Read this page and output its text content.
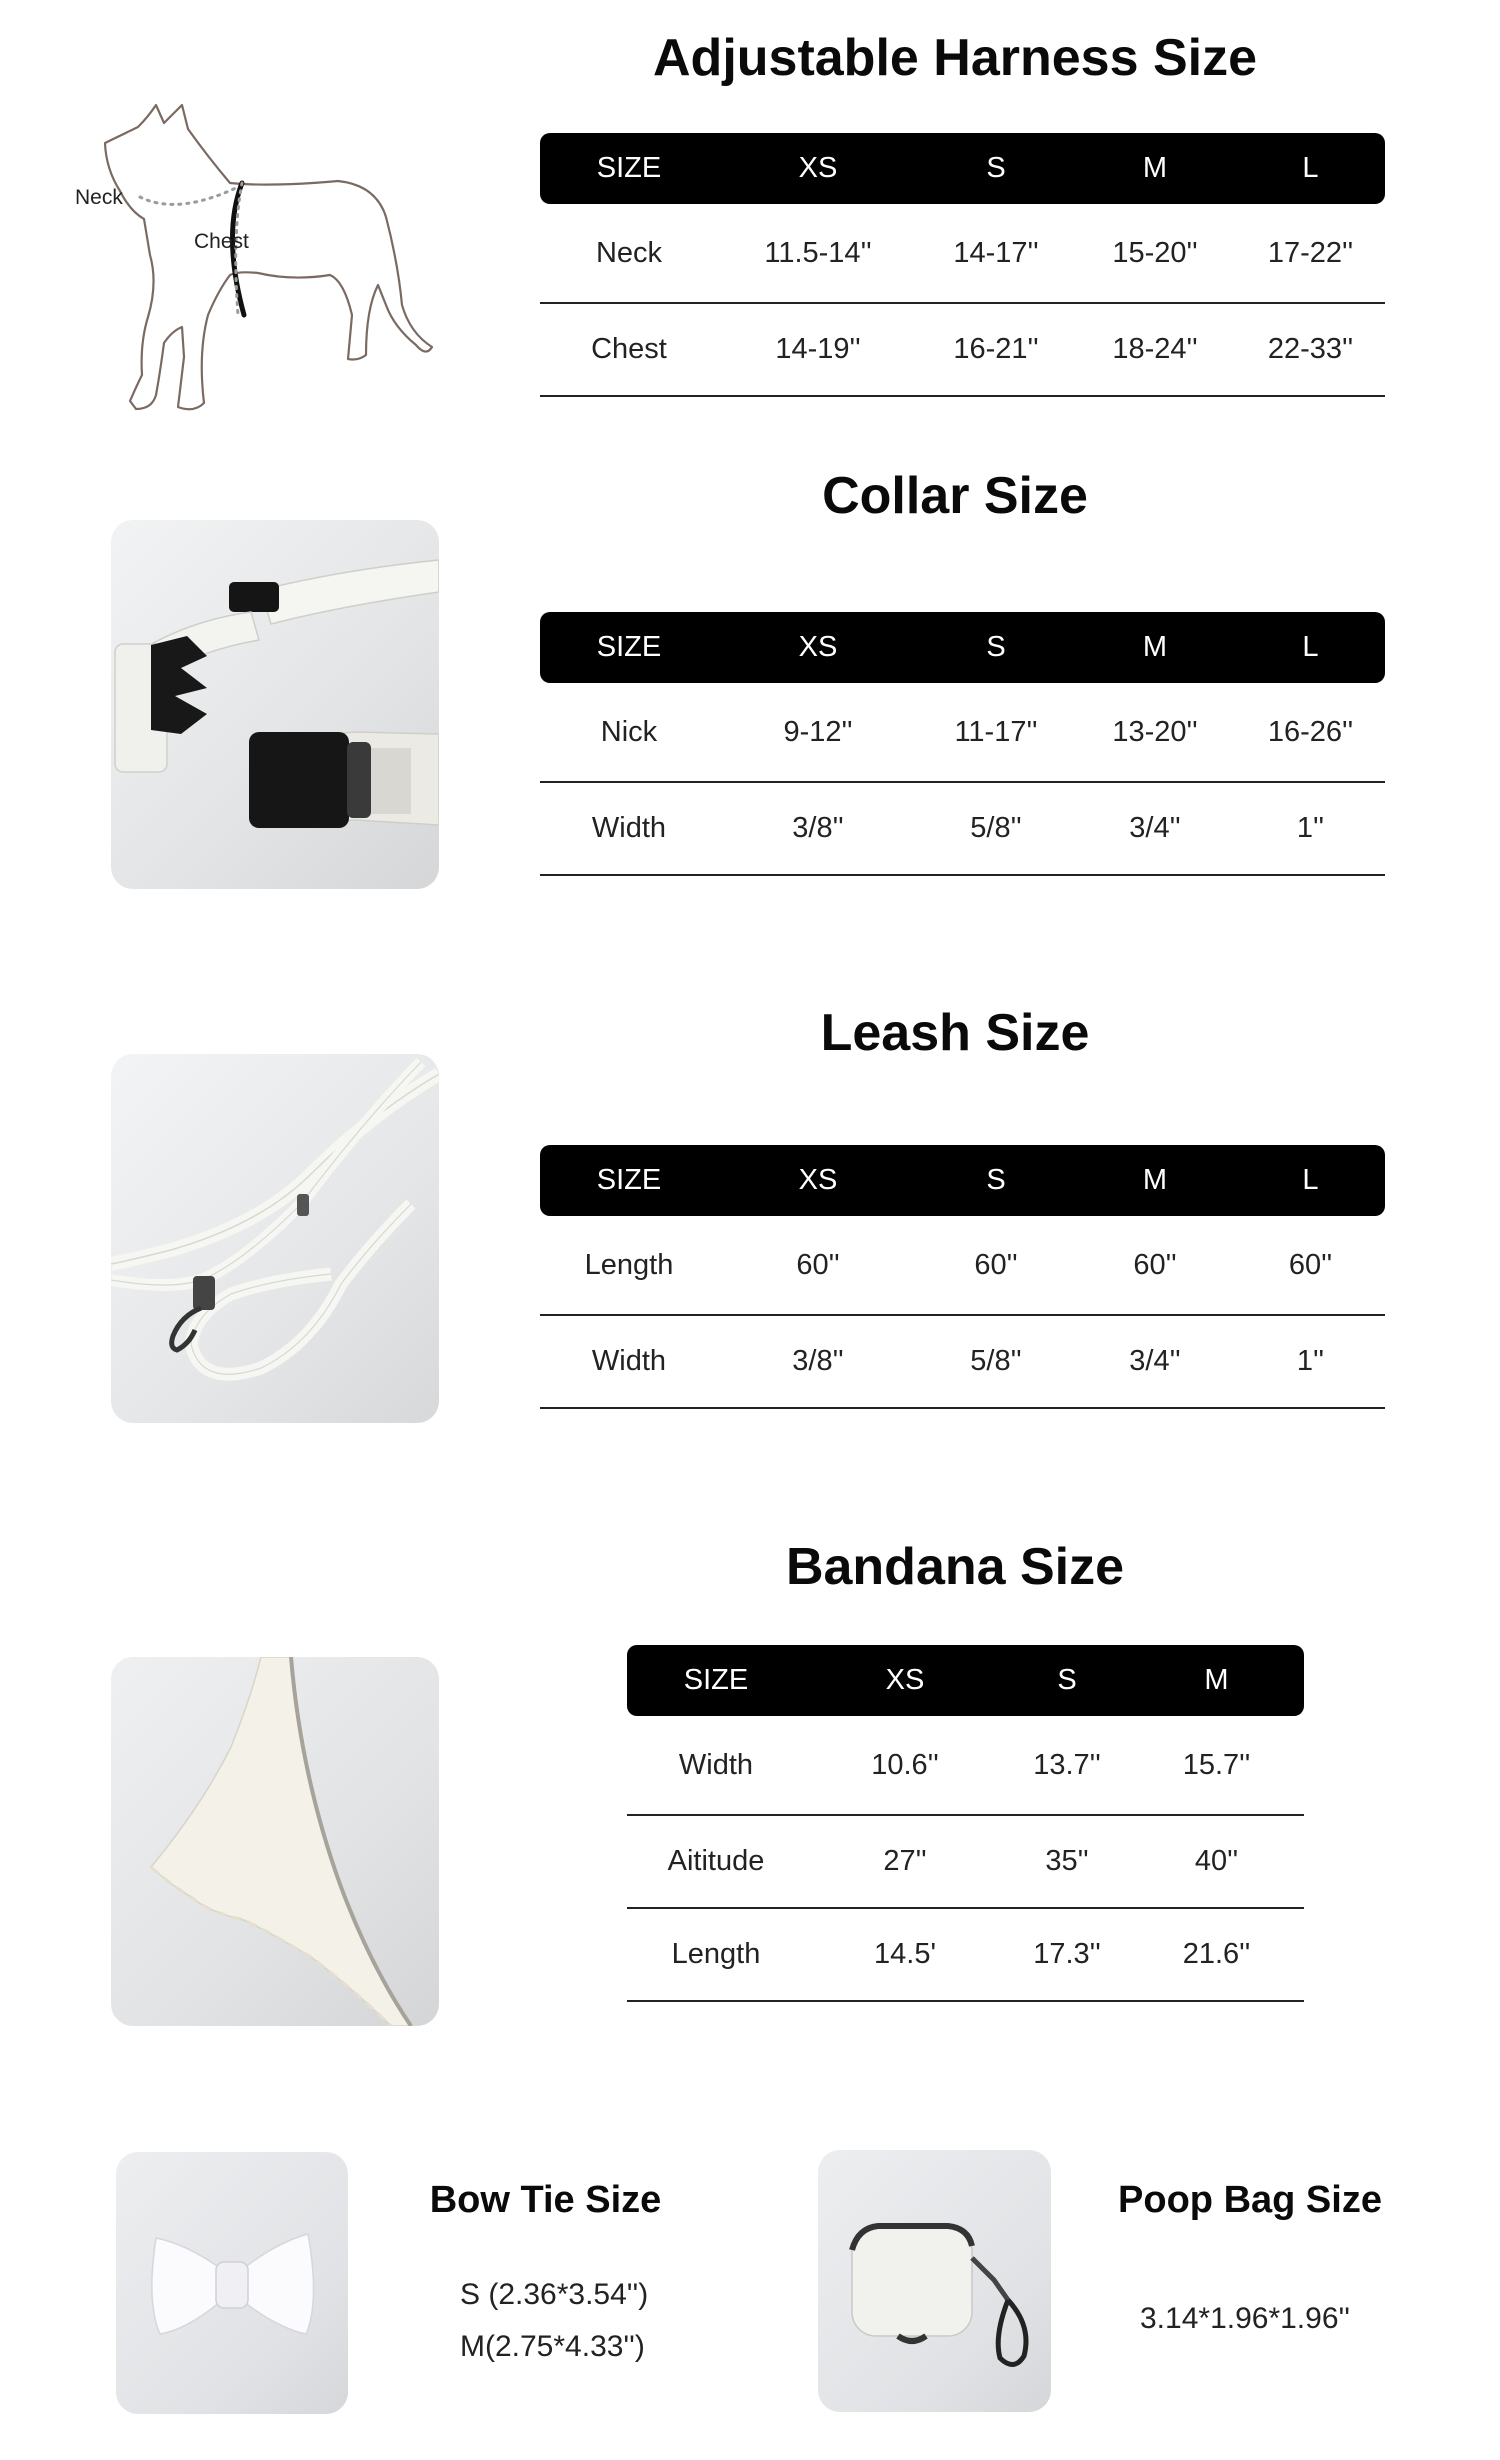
Adjustable Harness Size
Neck
Chest
SIZE	XS	S	M	L
Neck	11.5-14''	14-17''	15-20''	17-22''
Chest	14-19''	16-21''	18-24''	22-33''
Collar Size
SIZE	XS	S	M	L
Nick	9-12''	11-17''	13-20''	16-26''
Width	3/8''	5/8''	3/4''	1''
Leash Size
SIZE	XS	S	M	L
Length	60''	60''	60''	60''
Width	3/8''	5/8''	3/4''	1''
Bandana Size
SIZE	XS	S	M
Width	10.6''	13.7''	15.7''
Aititude	27''	35''	40''
Length	14.5'	17.3''	21.6''
Bow Tie Size
S (2.36*3.54'')
M(2.75*4.33'')
Poop Bag Size
3.14*1.96*1.96''
